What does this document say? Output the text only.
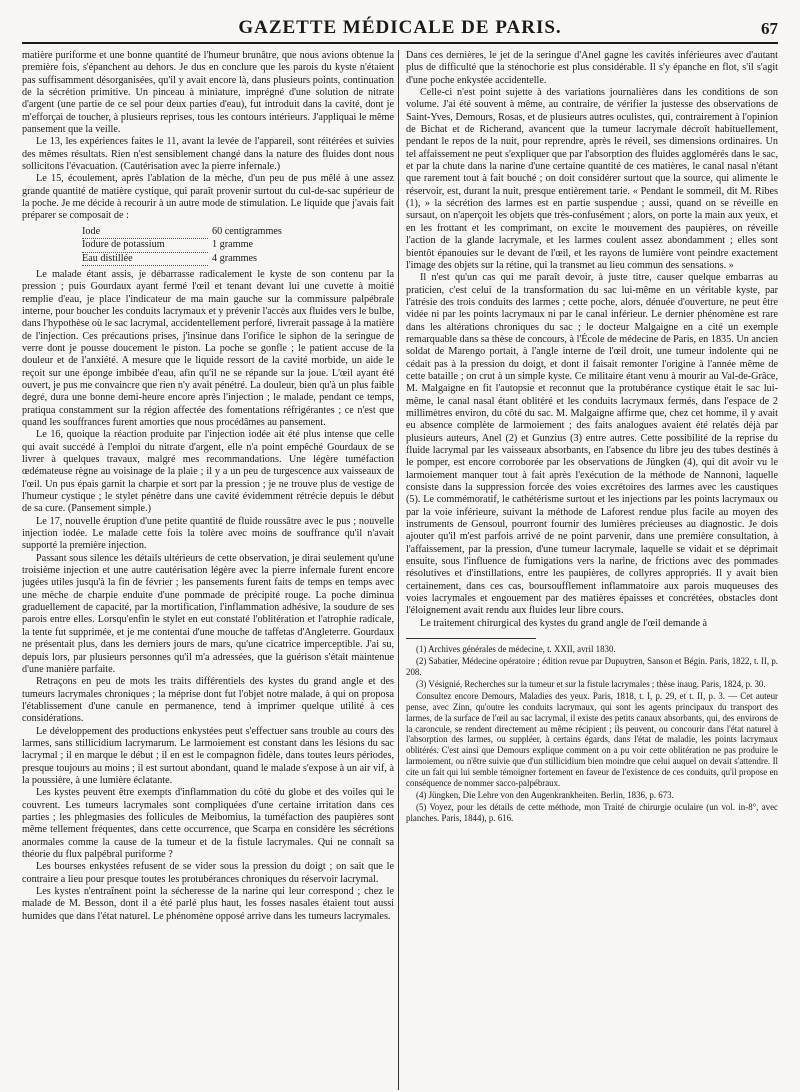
GAZETTE MÉDICALE DE PARIS.	67

matière puriforme et une bonne quantité de l'humeur brunâtre, que nous avions obtenue la première fois, s'épanchent au dehors. Je dus en conclure que les parois du kyste n'étaient pas suffisamment désorganisées, qu'il y avait encore là, dans plusieurs points, continuation de la sécrétion primitive. Un pinceau à miniature, imprégné d'une solution de nitrate d'argent (une partie de ce sel pour deux parties d'eau), fut introduit dans la cavité, dont je m'efforçai de toucher, à plusieurs reprises, tous les contours intérieurs. J'appliquai le même pansement que la veille.

Le 13, les expériences faites le 11, avant la levée de l'appareil, sont réitérées et suivies des mêmes résultats. Rien n'est sensiblement changé dans la nature des fluides dont nous sollicitons l'évacuation. (Cautérisation avec la pierre infernale.)

Le 15, écoulement, après l'ablation de la mèche, d'un peu de pus mêlé à une assez grande quantité de matière cystique, qui paraît provenir surtout du cul-de-sac supérieur de la poche. Je me décide à recourir à un autre mode de stimulation. Le liquide que j'avais fait préparer se composait de :

Iode	60 centigrammes
Iodure de potassium	1 gramme
Eau distillée	4 grammes

Le malade étant assis, je débarrasse radicalement le kyste de son contenu par la pression ; puis Gourdaux ayant fermé l'œil et tenant devant lui une cuvette à moitié remplie d'eau, je place l'indicateur de ma main gauche sur la commissure palpébrale interne, pour boucher les conduits lacrymaux et y prévenir l'accès aux fluides vers le bulbe, dans l'hypothèse où le sac lacrymal, accidentellement perforé, livrerait passage à la matière de l'injection. Ces précautions prises, j'insinue dans l'orifice le siphon de la seringue de verre dont je pousse doucement le piston. La poche se gonfle ; le patient accuse de la douleur et de l'anxiété. A mesure que le liquide ressort de la cavité morbide, un aide le reçoit sur une éponge imbibée d'eau, afin qu'il ne se répande sur la joue. L'œil ayant été ouvert, je pus me convaincre que rien n'y avait pénétré. La douleur, bien qu'à un plus faible degré, dura une bonne demi-heure encore après l'injection ; le malade, pendant ce temps, pratiqua constamment sur la région affectée des fomentations réfrigérantes ; ce n'est que quand les souffrances furent amorties que nous procédâmes au pansement.

Le 16, quoique la réaction produite par l'injection iodée ait été plus intense que celle qui avait succédé à l'emploi du nitrate d'argent, elle n'a point empêché Gourdaux de se livrer à quelques travaux, malgré mes recommandations. Une légère tuméfaction œdémateuse règne au voisinage de la plaie ; il y a un peu de turgescence aux vaisseaux de l'œil. Un pus épais garnit la charpie et sort par la pression ; je ne trouve plus de vestige de l'humeur cystique ; le stylet pénètre dans une cavité évidemment rétrécie depuis le début de sa cure. (Pansement simple.)

Le 17, nouvelle éruption d'une petite quantité de fluide roussâtre avec le pus ; nouvelle injection iodée. Le malade cette fois la tolère avec moins de souffrance qu'il n'avait supporté la première injection.

Passant sous silence les détails ultérieurs de cette observation, je dirai seulement qu'une troisième injection et une autre cautérisation légère avec la pierre infernale furent encore jugées utiles jusqu'à la fin de février ; les pansements furent faits de temps en temps avec une mèche de charpie enduite d'une pommade de précipité rouge. La poche diminua graduellement de capacité, par la mortification, l'inflammation adhésive, la soudure de ses parois entre elles. Lorsqu'enfin le stylet en eut constaté l'oblitération et l'atrophie radicale, la tente fut supprimée, et je me contentai d'une mouche de taffetas d'Angleterre. Gourdaux ne présentait plus, dans les derniers jours de mars, qu'une cicatrice imperceptible. J'ai su, depuis lors, par plusieurs personnes qu'il m'a adressées, que la guérison s'était maintenue d'une manière parfaite.

Retraçons en peu de mots les traits différentiels des kystes du grand angle et des tumeurs lacrymales chroniques ; la méprise dont fut l'objet notre malade, à qui on proposa l'établissement d'une canule en permanence, tend à imprimer quelque utilité à ces considérations.

Le développement des productions enkystées peut s'effectuer sans trouble au cours des larmes, sans stillicidium lacrymarum. Le larmoiement est constant dans les lésions du sac lacrymal ; il en marque le début ; il en est le compagnon fidèle, dans toutes leurs périodes, presque toujours au moins ; il est surtout abondant, quand le malade s'expose à un air vif, à la poussière, à une lumière éclatante.

Les kystes peuvent être exempts d'inflammation du côté du globe et des voiles qui le couvrent. Les tumeurs lacrymales sont compliquées d'une certaine irritation dans ces parties ; les phlegmasies des follicules de Meibomius, la tuméfaction des paupières sont même tellement fréquentes, dans cette occurrence, que Scarpa en considère les sécrétions anormales comme la cause de la tumeur et de la fistule lacrymales. Qui ne connaît sa théorie du flux palpébral puriforme ?

Les bourses enkystées refusent de se vider sous la pression du doigt ; on sait que le contraire a lieu pour presque toutes les protubérances chroniques du réservoir lacrymal.

Les kystes n'entraînent point la sécheresse de la narine qui leur correspond ; chez le malade de M. Besson, dont il a été parlé plus haut, les fosses nasales étaient tout aussi humides que dans l'état naturel. Le phénomène opposé arrive dans les tumeurs lacrymales.

Dans ces dernières, le jet de la seringue d'Anel gagne les cavités inférieures avec d'autant plus de difficulté que la sténochorie est plus considérable. Il s'y épanche en flot, s'il s'agit d'une poche enkystée accidentelle.

Celle-ci n'est point sujette à des variations journalières dans les conditions de son volume. J'ai été souvent à même, au contraire, de vérifier la justesse des observations de Saint-Yves, Demours, Rosas, et de plusieurs autres oculistes, qui, contrairement à l'opinion de Bichat et de Richerand, avancent que la tumeur lacrymale décroît habituellement, pendant le repos de la nuit, pour reprendre, après le réveil, ses dimensions ordinaires. Un tel affaissement ne peut s'expliquer que par l'absorption des fluides agglomérés dans le sac, et par la chute dans la narine d'une certaine quantité de ces matières, le canal nasal n'étant que rarement tout à fait bouché ; on doit considérer surtout que la source, qui alimente le réservoir, est, durant la nuit, presque entièrement tarie. « Pendant le sommeil, dit M. Ribes (1), » la sécrétion des larmes est en partie suspendue ; aussi, quand on se réveille en sursaut, on n'aperçoit les objets que très-confusément ; alors, on porte la main aux yeux, et en les frottant et les comprimant, on excite le mouvement des paupières, on réveille l'action de la glande lacrymale, et les larmes coulent assez abondamment ; elles sont bientôt épanouies sur le devant de l'œil, et les rayons de lumière vont peindre exactement l'image des objets sur la rétine, qui la transmet au lieu commun des sensations. »

Il n'est qu'un cas qui me paraît devoir, à juste titre, causer quelque embarras au praticien, c'est celui de la transformation du sac lui-même en un véritable kyste, par l'atrésie des trois conduits des larmes ; cette poche, alors, dénuée d'ouverture, ne peut être vidée ni par les points lacrymaux ni par le canal inférieur. Le dernier phénomène est rare dans les altérations chroniques du sac ; le docteur Malgaigne en a cité un exemple remarquable dans sa thèse de concours, à l'École de médecine de Paris, en 1835. Un ancien soldat de Marengo portait, à l'angle interne de l'œil droit, une tumeur indolente qui ne cédait pas à la pression du doigt, et dont il faisait remonter l'origine à l'année même de cette bataille ; on crut à un simple kyste. Ce militaire étant venu à mourir au Val-de-Grâce, M. Malgaigne en fit l'autopsie et reconnut que la protubérance cystique était le sac lui-même, le canal nasal étant oblitéré et les conduits lacrymaux fermés, dans l'espace de 2 millimètres environ, du côté du sac. M. Malgaigne affirme que, chez cet homme, il y avait eu absence complète de larmoiement ; des faits analogues avaient été relatés déjà par plusieurs auteurs, Anel (2) et Gunzius (3) entre autres. Cette possibilité de la reprise du fluide lacrymal par les vaisseaux absorbants, en l'absence du libre jeu des tubes destinés à le pomper, est encore corroborée par les observations de Jüngken (4), qui dit avoir vu le larmoiement manquer tout à fait après l'exécution de la méthode de Nannoni, laquelle consiste dans la suppression forcée des voies excrétoires des larmes avec les caustiques (5). Le commémoratif, le cathétérisme surtout et les injections par les points lacrymaux ou par la voie inférieure, suivant la méthode de Laforest rendue plus facile au moyen des instruments de Gensoul, pourront fournir des lumières précieuses au diagnostic. Je dois ajouter qu'il m'est parfois arrivé de ne point parvenir, dans une première consultation, à l'affaissement, par la pression, d'une tumeur lacrymale, laquelle se vidait et se déprimait ensuite, sous l'influence de fumigations vers la narine, de frictions avec des pommades résolutives et d'instillations, entre les paupières, de collyres appropriés. Il y avait bien certainement, dans ces cas, boursoufflement inflammatoire aux parois muqueuses des voies lacrymales et engouement par des matières épaisses et concrétées, obstacles dont l'éloignement avait rendu aux fluides leur libre cours.

Le traitement chirurgical des kystes du grand angle de l'œil demande à

(1) Archives générales de médecine, t. XXII, avril 1830.

(2) Sabatier, Médecine opératoire ; édition revue par Dupuytren, Sanson et Bégin. Paris, 1822, t. II, p. 208.

(3) Vésignié, Recherches sur la tumeur et sur la fistule lacrymales ; thèse inaug. Paris, 1824, p. 30.

Consultez encore Demours, Maladies des yeux. Paris, 1818, t. I, p. 29, et t. II, p. 3. — Cet auteur pense, avec Zinn, qu'outre les conduits lacrymaux, qui sont les agents principaux du transport des larmes, de la surface de l'œil au sac lacrymal, il existe des petits canaux absorbants, qui, des environs de la caroncule, se rendent directement au même récipient ; ils peuvent, ou concourir dans l'état naturel à l'absorption des larmes, ou suppléer, à certains égards, dans l'état de maladie, les points lacrymaux oblitérés. C'est ainsi que Demours explique comment on a pu voir cette oblitération ne pas produire le larmoiement, ou n'être suivie que d'un stillicidium bien moindre que celui auquel on devait s'attendre. Il cite un fait qui lui semble témoigner fortement en faveur de l'existence de ces conduits, qu'il propose en conséquence de nommer sacco-palpébraux.

(4) Jüngken, Die Lehre von den Augenkrankheiten. Berlin, 1836, p. 673.

(5) Voyez, pour les détails de cette méthode, mon Traité de chirurgie oculaire (un vol. in-8°, avec planches. Paris, 1844), p. 616.
